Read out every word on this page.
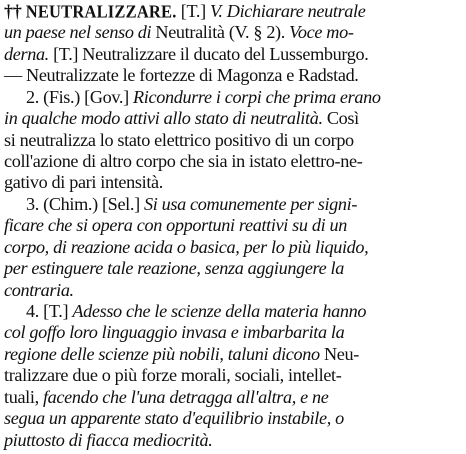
†† NEUTRALIZZARE. [T.] V. Dichiarare neutrale
un paese nel senso di Neutralità (V. § 2). Voce mo-
derna. [T.] Neutralizzare il ducato del Lussemburgo.
— Neutralizzate le fortezze di Magonza e Radstad.
2. (Fis.) [Gov.] Ricondurre i corpi che prima erano
in qualche modo attivi allo stato di neutralità. Così
si neutralizza lo stato elettrico positivo di un corpo
coll'azione di altro corpo che sia in istato elettro-ne-
gativo di pari intensità.
3. (Chim.) [Sel.] Si usa comunemente per signi-
ficare che si opera con opportuni reattivi su di un
corpo, di reazione acida o basica, per lo più liquido,
per estinguere tale reazione, senza aggiungere la
contraria.
4. [T.] Adesso che le scienze della materia hanno
col goffo loro linguaggio invasa e imbarbarita la
regione delle scienze più nobili, taluni dicono Neu-
tralizzare due o più forze morali, sociali, intellet-
tuali, facendo che l'una detragga all'altra, e ne
segua un apparente stato d'equilibrio instabile, o
piuttosto di fiacca mediocrità.
